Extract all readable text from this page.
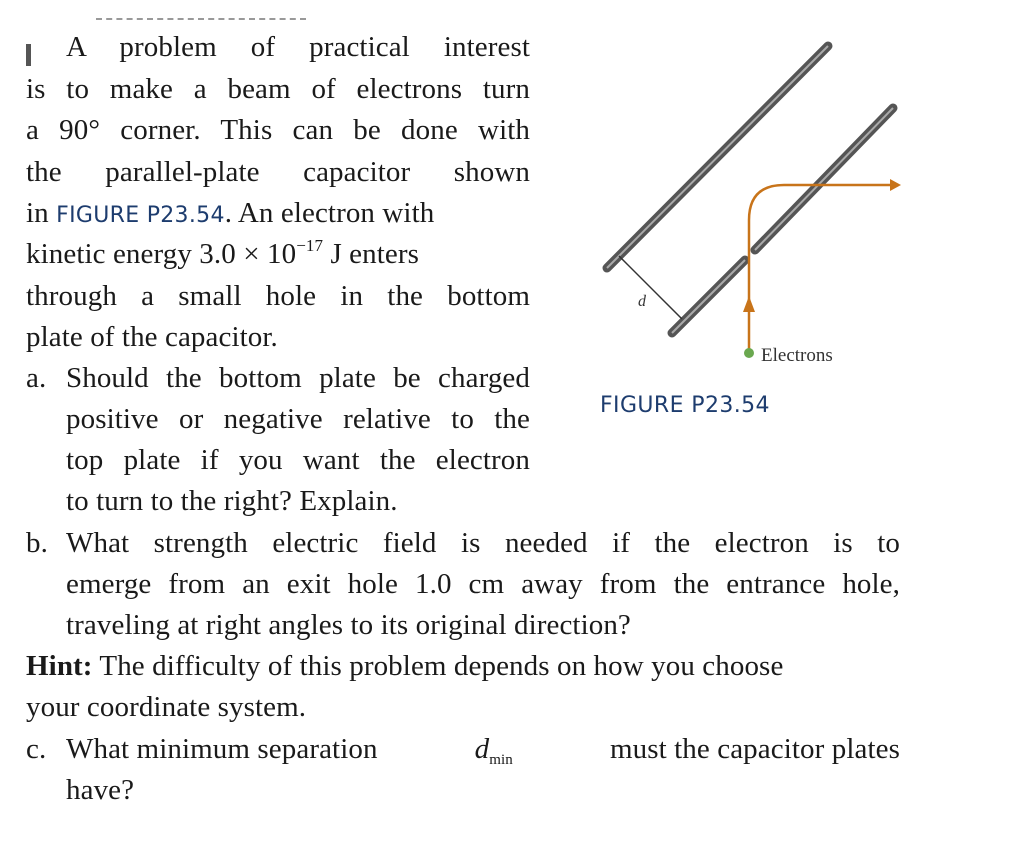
A problem of practical interest
is to make a beam of electrons turn
a 90° corner. This can be done with
the parallel-plate capacitor shown
in FIGURE P23.54. An electron with
kinetic energy $3.0 \times 10^{-17}$ J enters
through a small hole in the bottom
plate of the capacitor.
a. Should the bottom plate be charged
positive or negative relative to the
top plate if you want the electron
to turn to the right? Explain.
b. What strength electric field is needed if the electron is to
emerge from an exit hole 1.0 cm away from the entrance hole,
traveling at right angles to its original direction?
Hint: The difficulty of this problem depends on how you choose
your coordinate system.
c. What minimum separation	$d_{min}$	must the capacitor plates
have?
d
Electrons
FIGURE P23.54
